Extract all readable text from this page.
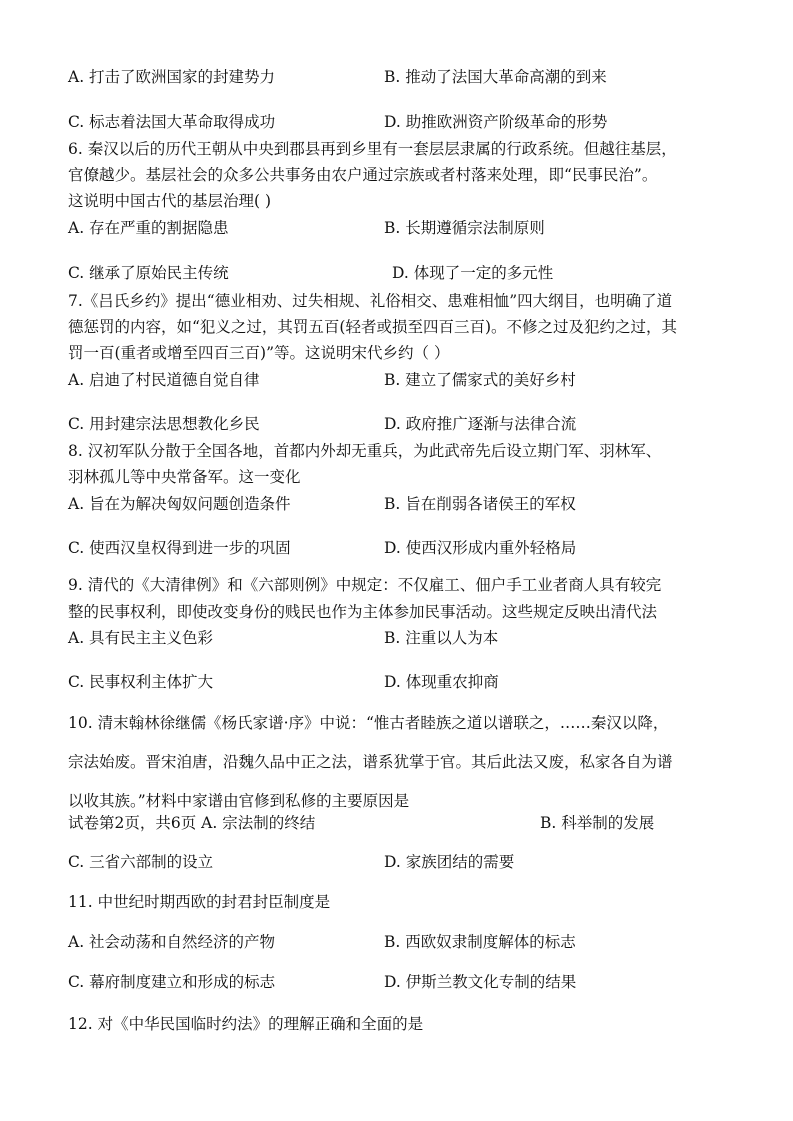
A. 打击了欧洲国家的封建势力	B. 推动了法国大革命高潮的到来
C. 标志着法国大革命取得成功	D. 助推欧洲资产阶级革命的形势
6. 秦汉以后的历代王朝从中央到郡县再到乡里有一套层层隶属的行政系统。但越往基层，
官僚越少。基层社会的众多公共事务由农户通过宗族或者村落来处理，即“民事民治”。
这说明中国古代的基层治理( )
A. 存在严重的割据隐患	B. 长期遵循宗法制原则
C. 继承了原始民主传统	D. 体现了一定的多元性
7.《吕氏乡约》提出“德业相劝、过失相规、礼俗相交、患难相恤”四大纲目，也明确了道
德惩罚的内容，如“犯义之过，其罚五百(轻者或损至四百三百)。不修之过及犯约之过，其
罚一百(重者或增至四百三百)”等。这说明宋代乡约（ ）
A. 启迪了村民道德自觉自律	B. 建立了儒家式的美好乡村
C. 用封建宗法思想教化乡民	D. 政府推广逐渐与法律合流
8. 汉初军队分散于全国各地，首都内外却无重兵，为此武帝先后设立期门军、羽林军、
羽林孤儿等中央常备军。这一变化
A. 旨在为解决匈奴问题创造条件	B. 旨在削弱各诸侯王的军权
C. 使西汉皇权得到进一步的巩固	D. 使西汉形成内重外轻格局
9. 清代的《大清律例》和《六部则例》中规定：不仅雇工、佃户手工业者商人具有较完
整的民事权利，即使改变身份的贱民也作为主体参加民事活动。这些规定反映出清代法
A. 具有民主主义色彩	B. 注重以人为本
C. 民事权利主体扩大	D. 体现重农抑商
10. 清末翰林徐继儒《杨氏家谱·序》中说：“惟古者睦族之道以谱联之，……秦汉以降，
宗法始废。晋宋洎唐，沿魏久品中正之法，谱系犹掌于官。其后此法又废，私家各自为谱
以收其族。”材料中家谱由官修到私修的主要原因是
试卷第2页，共6页 A. 宗法制的终结	B. 科举制的发展
C. 三省六部制的设立	D. 家族团结的需要
11. 中世纪时期西欧的封君封臣制度是
A. 社会动荡和自然经济的产物	B. 西欧奴隶制度解体的标志
C. 幕府制度建立和形成的标志	D. 伊斯兰教文化专制的结果
12. 对《中华民国临时约法》的理解正确和全面的是
